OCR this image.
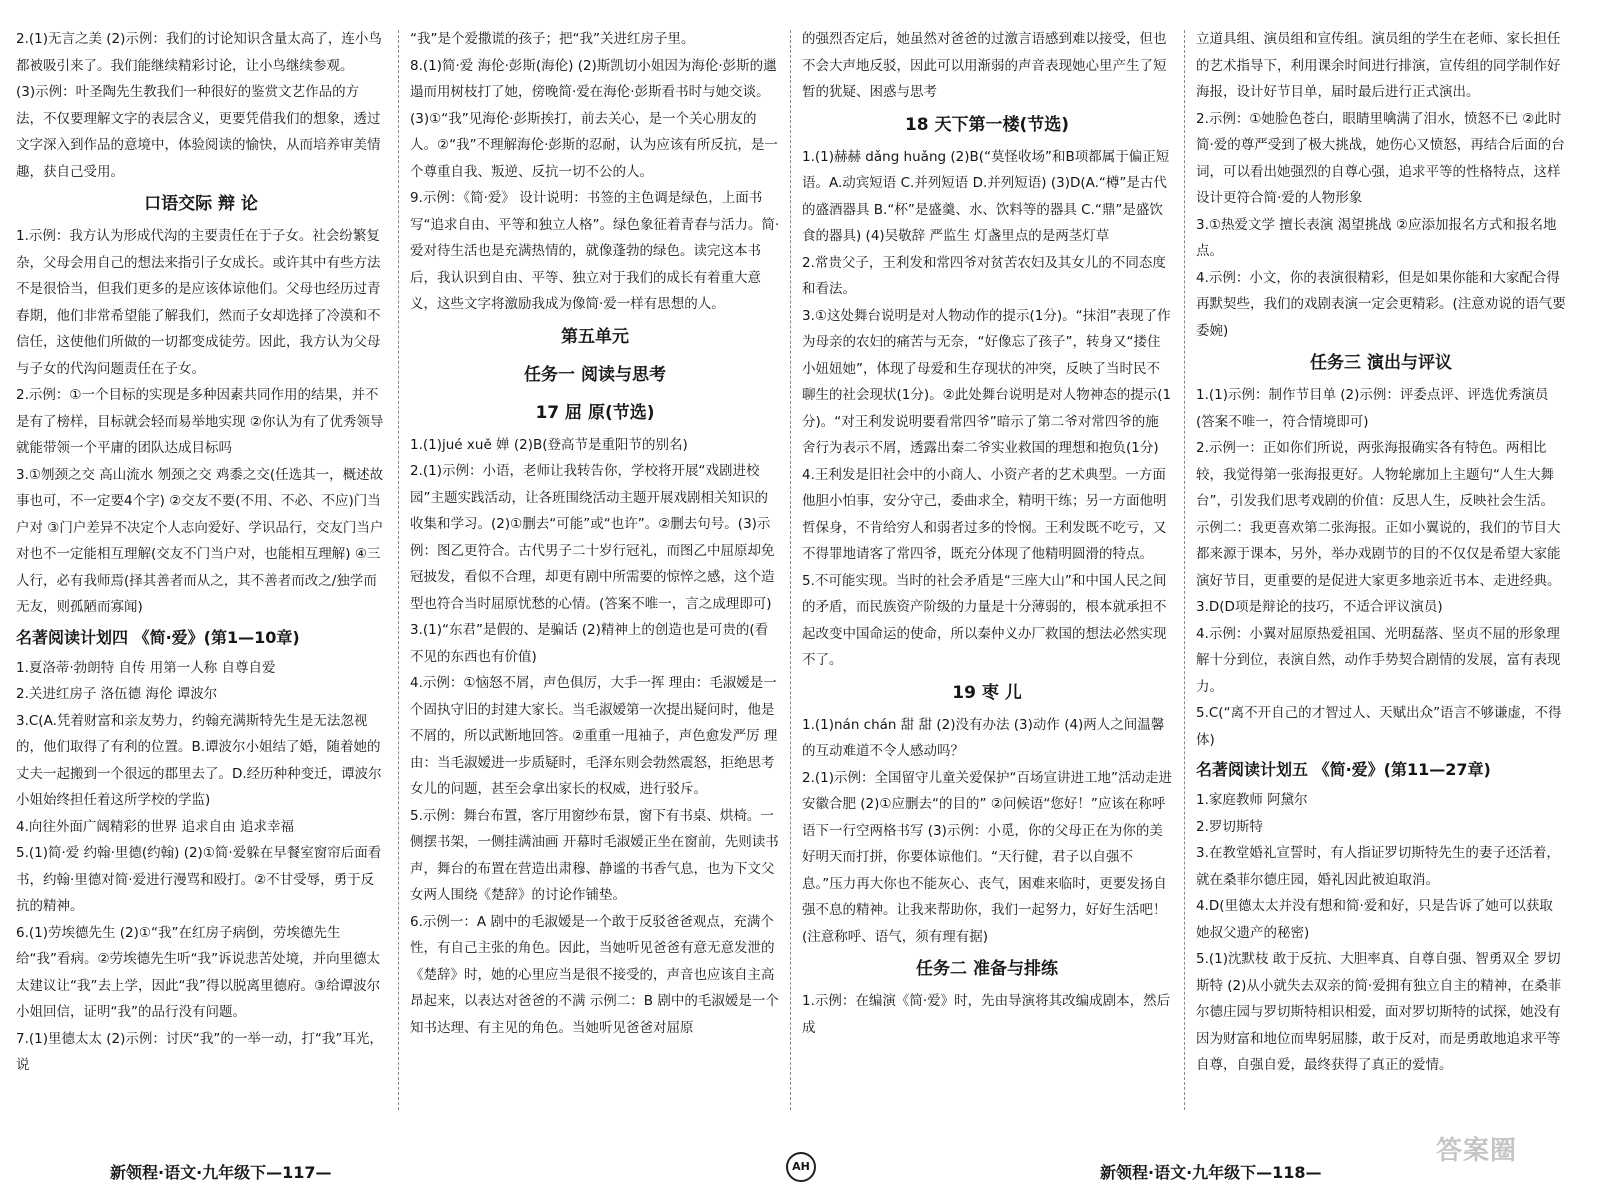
2.(1)无言之美 (2)示例：我们的讨论知识含量太高了，连小鸟都被吸引来了。我们能继续精彩讨论，让小鸟继续参观。

(3)示例：叶圣陶先生教我们一种很好的鉴赏文艺作品的方法，不仅要理解文字的表层含义，更要凭借我们的想象，透过文字深入到作品的意境中，体验阅读的愉快，从而培养审美情趣，获自己受用。

口语交际 辩 论

1.示例：我方认为形成代沟的主要责任在于子女。社会纷繁复杂，父母会用自己的想法来指引子女成长。或许其中有些方法不是很恰当，但我们更多的是应该体谅他们。父母也经历过青春期，他们非常希望能了解我们，然而子女却选择了冷漠和不信任，这使他们所做的一切都变成徒劳。因此，我方认为父母与子女的代沟问题责任在子女。

2.示例：①一个目标的实现是多种因素共同作用的结果，并不是有了榜样，目标就会轻而易举地实现 ②你认为有了优秀领导就能带领一个平庸的团队达成目标吗

3.①刎颈之交 高山流水 刎颈之交 鸡黍之交(任选其一，概述故事也可，不一定要4个字) ②交友不要(不用、不必、不应)门当户对 ③门户差异不决定个人志向爱好、学识品行，交友门当户对也不一定能相互理解(交友不门当户对，也能相互理解) ④三人行，必有我师焉(择其善者而从之，其不善者而改之/独学而无友，则孤陋而寡闻)

名著阅读计划四 《简·爱》(第1—10章)

1.夏洛蒂·勃朗特 自传 用第一人称 自尊自爱

2.关进红房子 洛伍德 海伦 谭波尔

3.C(A.凭着财富和亲友势力，约翰充满斯特先生是无法忽视的，他们取得了有利的位置。B.谭波尔小姐结了婚，随着她的丈夫一起搬到一个很远的郡里去了。D.经历种种变迁，谭波尔小姐始终担任着这所学校的学监)

4.向往外面广阔精彩的世界 追求自由 追求幸福

5.(1)简·爱 约翰·里德(约翰) (2)①简·爱躲在早餐室窗帘后面看书，约翰·里德对简·爱进行漫骂和殴打。②不甘受辱，勇于反抗的精神。

6.(1)劳埃德先生 (2)①“我”在红房子病倒，劳埃德先生给“我”看病。②劳埃德先生听“我”诉说悲苦处境，并向里德太太建议让“我”去上学，因此“我”得以脱离里德府。③给谭波尔小姐回信，证明“我”的品行没有问题。

7.(1)里德太太 (2)示例：讨厌“我”的一举一动，打“我”耳光，说

“我”是个爱撒谎的孩子；把“我”关进红房子里。

8.(1)简·爱 海伦·彭斯(海伦) (2)斯凯切小姐因为海伦·彭斯的邋遢而用树枝打了她，傍晚简·爱在海伦·彭斯看书时与她交谈。(3)①“我”见海伦·彭斯挨打，前去关心，是一个关心朋友的人。②“我”不理解海伦·彭斯的忍耐，认为应该有所反抗，是一个尊重自我、叛逆、反抗一切不公的人。

9.示例：《简·爱》 设计说明：书签的主色调是绿色，上面书写“追求自由、平等和独立人格”。绿色象征着青春与活力。简·爱对待生活也是充满热情的，就像蓬勃的绿色。读完这本书后，我认识到自由、平等、独立对于我们的成长有着重大意义，这些文字将激励我成为像简·爱一样有思想的人。

第五单元

任务一 阅读与思考

17 屈 原(节选)

1.(1)jué xuě 婵 (2)B(登高节是重阳节的别名)

2.(1)示例：小语，老师让我转告你，学校将开展“戏剧进校园”主题实践活动，让各班围绕活动主题开展戏剧相关知识的收集和学习。(2)①删去“可能”或“也许”。②删去句号。(3)示例：图乙更符合。古代男子二十岁行冠礼，而图乙中屈原却免冠披发，看似不合理，却更有剧中所需要的惊悴之感，这个造型也符合当时屈原忧愁的心情。(答案不唯一，言之成理即可)

3.(1)“东君”是假的、是骗话 (2)精神上的创造也是可贵的(看不见的东西也有价值)

4.示例：①恼怒不屑，声色俱厉，大手一挥 理由：毛淑嫒是一个固执守旧的封建大家长。当毛淑嫒第一次提出疑问时，他是不屑的，所以武断地回答。②重重一甩袖子，声色愈发严厉 理由：当毛淑嫒进一步质疑时，毛泽东则会勃然震怒，拒绝思考女儿的问题，甚至会拿出家长的权威，进行驳斥。

5.示例：舞台布置，客厅用窗纱布景，窗下有书桌、烘椅。一侧摆书架，一侧挂满油画 开幕时毛淑嫒正坐在窗前，先则读书声，舞台的布置在营造出肃穆、静谧的书香气息，也为下文父女两人围绕《楚辞》的讨论作铺垫。

6.示例一：A 剧中的毛淑嫒是一个敢于反驳爸爸观点，充满个性，有自己主张的角色。因此，当她听见爸爸有意无意发泄的《楚辞》时，她的心里应当是很不接受的，声音也应该自主高昂起来，以表达对爸爸的不满 示例二：B 剧中的毛淑嫒是一个知书达理、有主见的角色。当她听见爸爸对屈原

的强烈否定后，她虽然对爸爸的过激言语感到难以接受，但也不会大声地反驳，因此可以用渐弱的声音表现她心里产生了短暂的犹疑、困惑与思考

18 天下第一楼(节选)

1.(1)赫赫 dǎng huǎng (2)B(“莫怪收场”和B项都属于偏正短语。A.动宾短语 C.并列短语 D.并列短语) (3)D(A.“樽”是古代的盛酒器具 B.“杯”是盛羹、水、饮料等的器具 C.“鼎”是盛饮食的器具) (4)吴敬辞 严监生 灯盏里点的是两茎灯草

2.常贵父子，王利发和常四爷对贫苦农妇及其女儿的不同态度和看法。

3.①这处舞台说明是对人物动作的提示(1分)。“抹泪”表现了作为母亲的农妇的痛苦与无奈，“好像忘了孩子”，转身又“搂住小妞妞她”，体现了母爱和生存现状的冲突，反映了当时民不聊生的社会现状(1分)。②此处舞台说明是对人物神态的提示(1分)。“对王利发说明要看常四爷”暗示了第二爷对常四爷的施舍行为表示不屑，透露出秦二爷实业救国的理想和抱负(1分)

4.王利发是旧社会中的小商人、小资产者的艺术典型。一方面他胆小怕事，安分守己，委曲求全，精明干练；另一方面他明哲保身，不肯给穷人和弱者过多的怜悯。王利发既不吃亏，又不得罪地请客了常四爷，既充分体现了他精明圆滑的特点。

5.不可能实现。当时的社会矛盾是“三座大山”和中国人民之间的矛盾，而民族资产阶级的力量是十分薄弱的，根本就承担不起改变中国命运的使命，所以秦仲义办厂救国的想法必然实现不了。

19 枣 儿

1.(1)nán chán 甜 甜 (2)没有办法 (3)动作 (4)两人之间温馨的互动难道不令人感动吗？

2.(1)示例：全国留守儿童关爱保护“百场宣讲进工地”活动走进安徽合肥 (2)①应删去“的目的” ②问候语“您好！”应该在称呼语下一行空两格书写 (3)示例：小觅，你的父母正在为你的美好明天而打拼，你要体谅他们。“天行健，君子以自强不息。”压力再大你也不能灰心、丧气，困难来临时，更要发扬自强不息的精神。让我来帮助你，我们一起努力，好好生活吧！(注意称呼、语气，须有理有据)

任务二 准备与排练

1.示例：在编演《简·爱》时，先由导演将其改编成剧本，然后成

立道具组、演员组和宣传组。演员组的学生在老师、家长担任的艺术指导下，利用课余时间进行排演，宣传组的同学制作好海报，设计好节目单，届时最后进行正式演出。

2.示例：①她脸色苍白，眼睛里噙满了泪水，愤怒不已 ②此时简·爱的尊严受到了极大挑战，她伤心又愤怒，再结合后面的台词，可以看出她强烈的自尊心强，追求平等的性格特点，这样设计更符合简·爱的人物形象

3.①热爱文学 擅长表演 渴望挑战 ②应添加报名方式和报名地点。

4.示例：小文，你的表演很精彩，但是如果你能和大家配合得再默契些，我们的戏剧表演一定会更精彩。(注意劝说的语气要委婉)

任务三 演出与评议

1.(1)示例：制作节目单 (2)示例：评委点评、评选优秀演员(答案不唯一，符合情境即可)

2.示例一：正如你们所说，两张海报确实各有特色。两相比较，我觉得第一张海报更好。人物轮廓加上主题句“人生大舞台”，引发我们思考戏剧的价值：反思人生，反映社会生活。示例二：我更喜欢第二张海报。正如小翼说的，我们的节目大都来源于课本，另外，举办戏剧节的目的不仅仅是希望大家能演好节目，更重要的是促进大家更多地亲近书本、走进经典。

3.D(D项是辩论的技巧，不适合评议演员)

4.示例：小翼对屈原热爱祖国、光明磊落、坚贞不屈的形象理解十分到位，表演自然，动作手势契合剧情的发展，富有表现力。

5.C(“离不开自己的才智过人、天赋出众”语言不够谦虚，不得体)

名著阅读计划五 《简·爱》(第11—27章)

1.家庭教师 阿黛尔

2.罗切斯特

3.在教堂婚礼宣誓时，有人指证罗切斯特先生的妻子还活着，就在桑菲尔德庄园，婚礼因此被迫取消。

4.D(里德太太并没有想和简·爱和好，只是告诉了她可以获取她叔父遗产的秘密)

5.(1)沈默枝 敢于反抗、大胆率真、自尊自强、智勇双全 罗切斯特 (2)从小就失去双亲的简·爱拥有独立自主的精神，在桑菲尔德庄园与罗切斯特相识相爱，面对罗切斯特的试探，她没有因为财富和地位而卑躬屈膝，敢于反对，而是勇敢地追求平等自尊，自强自爱，最终获得了真正的爱情。

新领程·语文·九年级下—117—	AH	新领程·语文·九年级下—118—
答案圈
